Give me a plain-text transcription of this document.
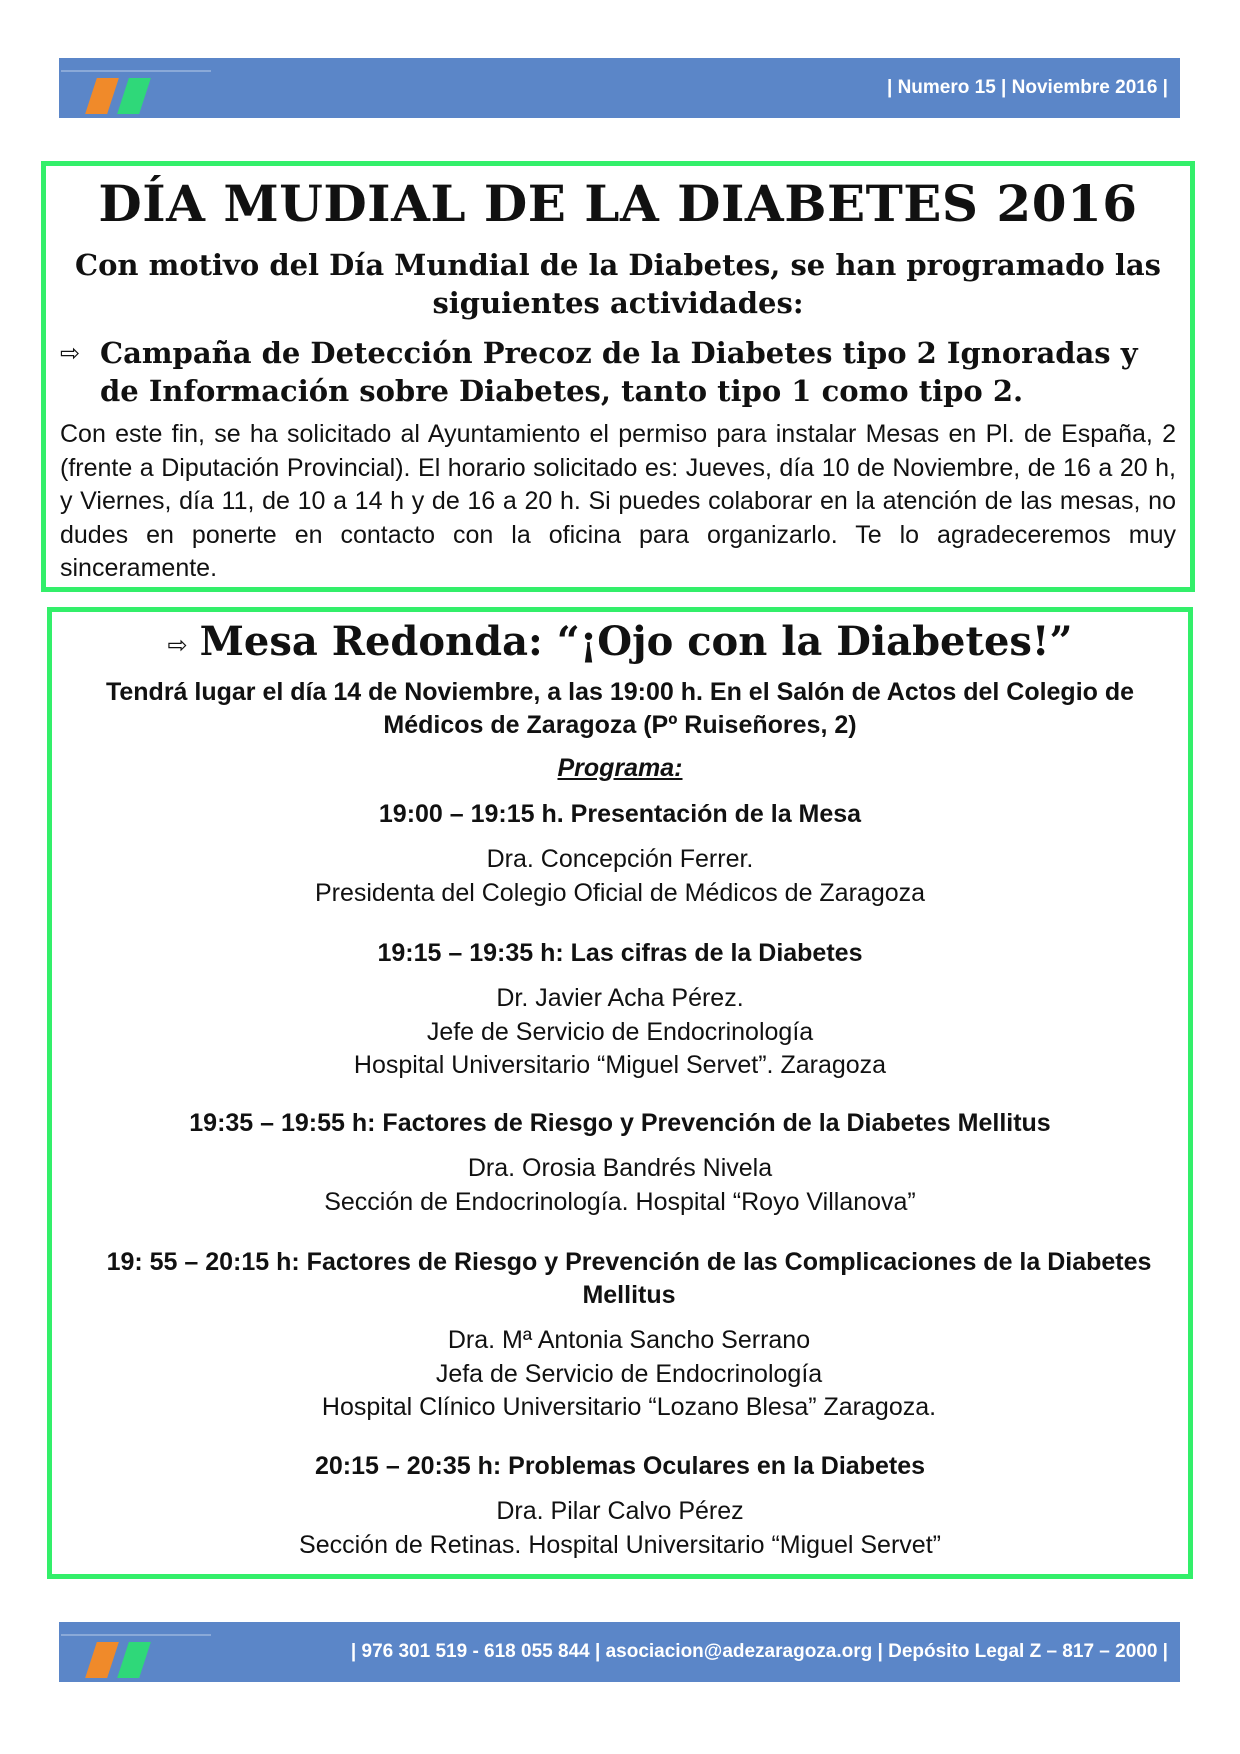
| Numero 15 | Noviembre 2016 |
DÍA MUDIAL DE LA DIABETES 2016
Con motivo del Día Mundial de la Diabetes, se han programado las siguientes actividades:
⇨ Campaña de Detección Precoz de la Diabetes tipo 2 Ignoradas y de Información sobre Diabetes, tanto tipo 1 como tipo 2.
Con este fin, se ha solicitado al Ayuntamiento el permiso para instalar Mesas en Pl. de España, 2 (frente a Diputación Provincial). El horario solicitado es: Jueves, día 10 de Noviembre, de 16 a 20 h, y Viernes, día 11, de 10 a 14 h y de 16 a 20 h. Si puedes colaborar en la atención de las mesas, no dudes en ponerte en contacto con la oficina para organizarlo. Te lo agradeceremos muy sinceramente.
⇨ Mesa Redonda: “¡Ojo con la Diabetes!”
Tendrá lugar el día 14 de Noviembre, a las 19:00 h. En el Salón de Actos del Colegio de Médicos de Zaragoza (Pº Ruiseñores, 2)
Programa:
19:00 – 19:15 h. Presentación de la Mesa
Dra. Concepción Ferrer.
Presidenta del Colegio Oficial de Médicos de Zaragoza
19:15 – 19:35 h: Las cifras de la Diabetes
Dr. Javier Acha Pérez.
Jefe de Servicio de Endocrinología
Hospital Universitario “Miguel Servet”. Zaragoza
19:35 – 19:55 h: Factores de Riesgo y Prevención de la Diabetes Mellitus
Dra. Orosia Bandrés Nivela
Sección de Endocrinología. Hospital “Royo Villanova”
19: 55 – 20:15 h: Factores de Riesgo y Prevención de las Complicaciones de la Diabetes Mellitus
Dra. Mª Antonia Sancho Serrano
Jefa de Servicio de Endocrinología
Hospital Clínico Universitario “Lozano Blesa” Zaragoza.
20:15 – 20:35 h: Problemas Oculares en la Diabetes
Dra. Pilar Calvo Pérez
Sección de Retinas. Hospital Universitario “Miguel Servet”
| 976 301 519 - 618 055 844 | asociacion@adezaragoza.org | Depósito Legal Z – 817 – 2000 |
